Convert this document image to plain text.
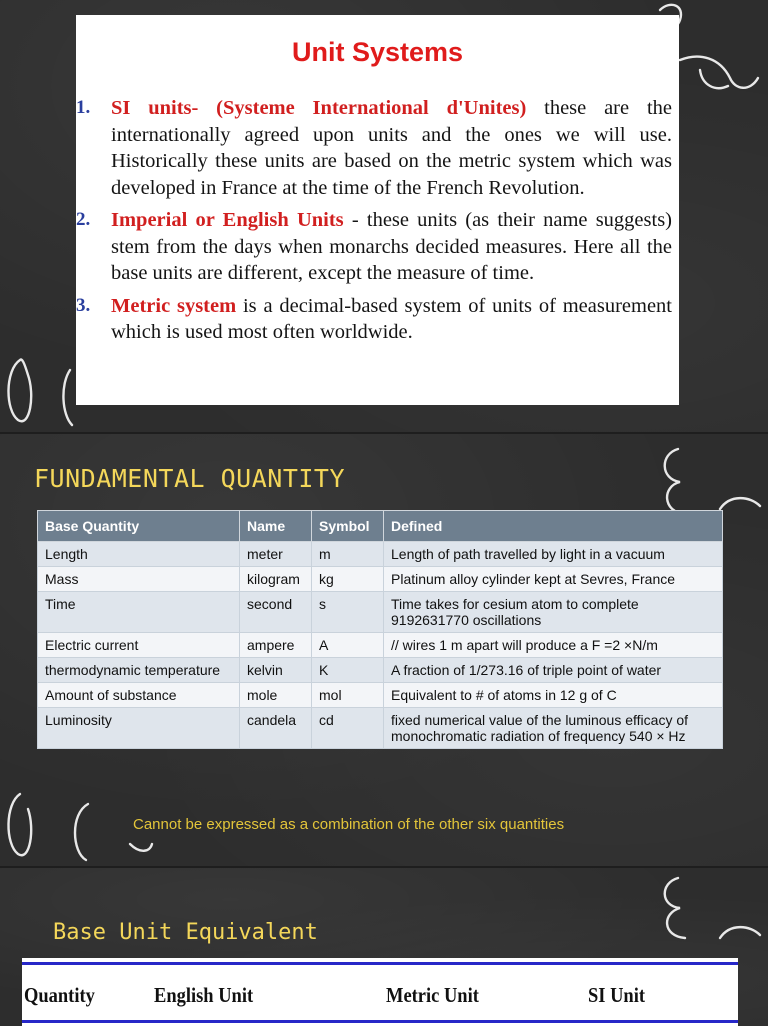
Unit Systems
1. SI units- (Systeme International d'Unites) these are the internationally agreed upon units and the ones we will use. Historically these units are based on the metric system which was developed in France at the time of the French Revolution.
2. Imperial or English Units - these units (as their name suggests) stem from the days when monarchs decided measures. Here all the base units are different, except the measure of time.
3. Metric system is a decimal-based system of units of measurement which is used most often worldwide.
FUNDAMENTAL QUANTITY
Base Quantity	Name	Symbol	Defined
Length	meter	m	Length of path travelled by light in a vacuum
Mass	kilogram	kg	Platinum alloy cylinder kept at Sevres, France
Time	second	s	Time takes for cesium atom to complete 9192631770 oscillations
Electric current	ampere	A	// wires 1 m apart will produce a F =2 ×N/m
thermodynamic temperature	kelvin	K	A fraction of 1/273.16 of triple point of water
Amount of substance	mole	mol	Equivalent to # of atoms in 12 g of C
Luminosity	candela	cd	fixed numerical value of the luminous efficacy of monochromatic radiation of frequency 540 × Hz
Cannot be expressed as a combination of the other six quantities
Base Unit Equivalent
Quantity	English Unit	Metric Unit	SI Unit
